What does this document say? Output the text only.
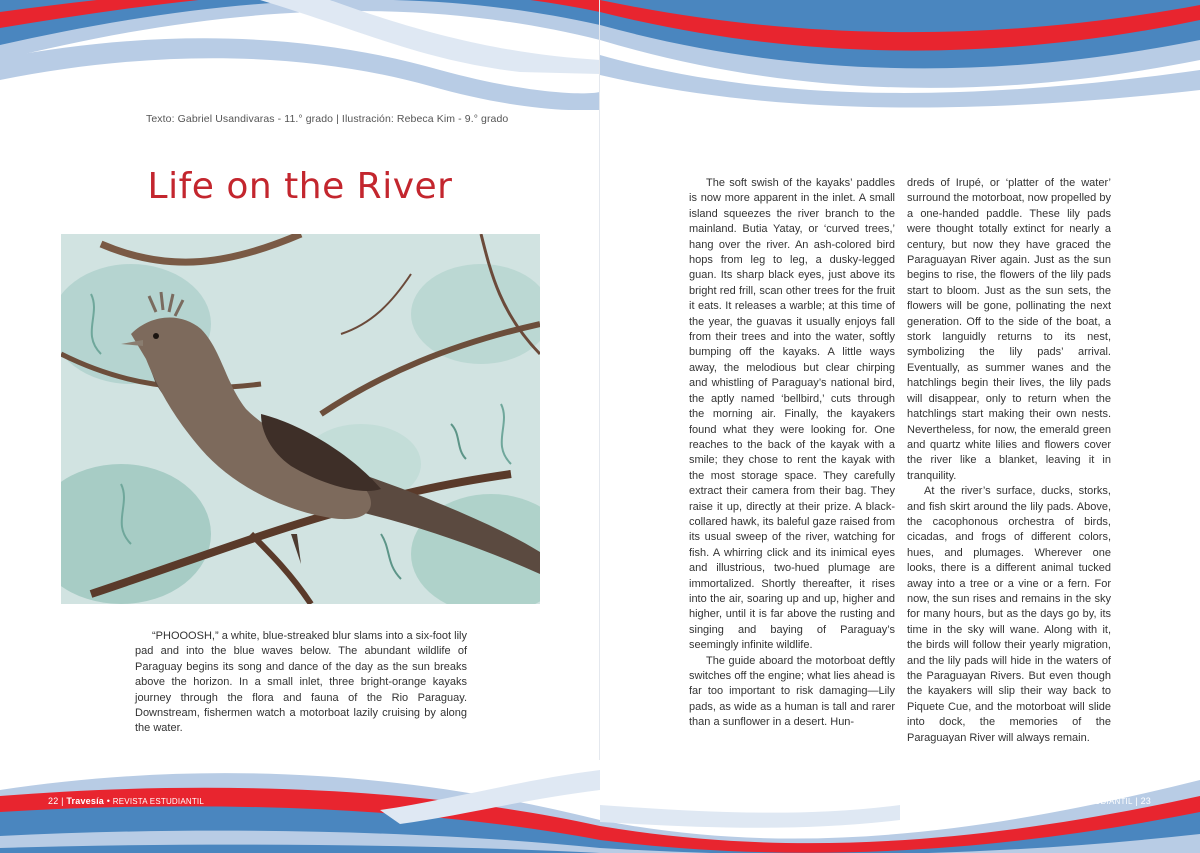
Texto: Gabriel Usandivaras - 11.° grado | Ilustración: Rebeca Kim - 9.° grado
Life on the River

“PHOOOSH,” a white, blue-streaked blur slams into a six-foot lily pad and into the blue waves below. The abundant wildlife of Paraguay begins its song and dance of the day as the sun breaks above the horizon. In a small inlet, three bright-orange kayaks journey through the flora and fauna of the Rio Paraguay. Downstream, fishermen watch a motorboat lazily cruising by along the water.

The soft swish of the kayaks’ paddles is now more apparent in the inlet. A small island squeezes the river branch to the mainland. Butia Yatay, or ‘curved trees,’ hang over the river. An ash-colored bird hops from leg to leg, a dusky-legged guan. Its sharp black eyes, just above its bright red frill, scan other trees for the fruit it eats. It releases a warble; at this time of the year, the guavas it usually enjoys fall from their trees and into the water, softly bumping off the kayaks. A little ways away, the melodious but clear chirping and whistling of Paraguay’s national bird, the aptly named ‘bellbird,’ cuts through the morning air. Finally, the kayakers found what they were looking for. One reaches to the back of the kayak with a smile; they chose to rent the kayak with the most storage space. They carefully extract their camera from their bag. They raise it up, directly at their prize. A black-collared hawk, its baleful gaze raised from its usual sweep of the river, watching for fish. A whirring click and its inimical eyes and illustrious, two-hued plumage are immortalized. Shortly thereafter, it rises into the air, soaring up and up, higher and higher, until it is far above the rusting and singing and baying of Paraguay’s seemingly infinite wildlife.

The guide aboard the motorboat deftly switches off the engine; what lies ahead is far too important to risk damaging—Lily pads, as wide as a human is tall and rarer than a sunflower in a desert. Hun-

dreds of Irupé, or ‘platter of the water’ surround the motorboat, now propelled by a one-handed paddle. These lily pads were thought totally extinct for nearly a century, but now they have graced the Paraguayan River again. Just as the sun begins to rise, the flowers of the lily pads start to bloom. Just as the sun sets, the flowers will be gone, pollinating the next generation. Off to the side of the boat, a stork languidly returns to its nest, symbolizing the lily pads’ arrival. Eventually, as summer wanes and the hatchlings begin their lives, the lily pads will disappear, only to return when the hatchlings start making their own nests. Nevertheless, for now, the emerald green and quartz white lilies and flowers cover the river like a blanket, leaving it in tranquility.

At the river’s surface, ducks, storks, and fish skirt around the lily pads. Above, the cacophonous orchestra of birds, cicadas, and frogs of different colors, hues, and plumages. Wherever one looks, there is a different animal tucked away into a tree or a vine or a fern. For now, the sun rises and remains in the sky for many hours, but as the days go by, its time in the sky will wane. Along with it, the birds will follow their yearly migration, and the lily pads will hide in the waters of the Paraguayan Rivers. But even though the kayakers will slip their way back to Piquete Cue, and the motorboat will slide into dock, the memories of the Paraguayan River will always remain.

22 | Travesía • REVISTA ESTUDIANTIL	Travesía • REVISTA ESTUDIANTIL | 23
